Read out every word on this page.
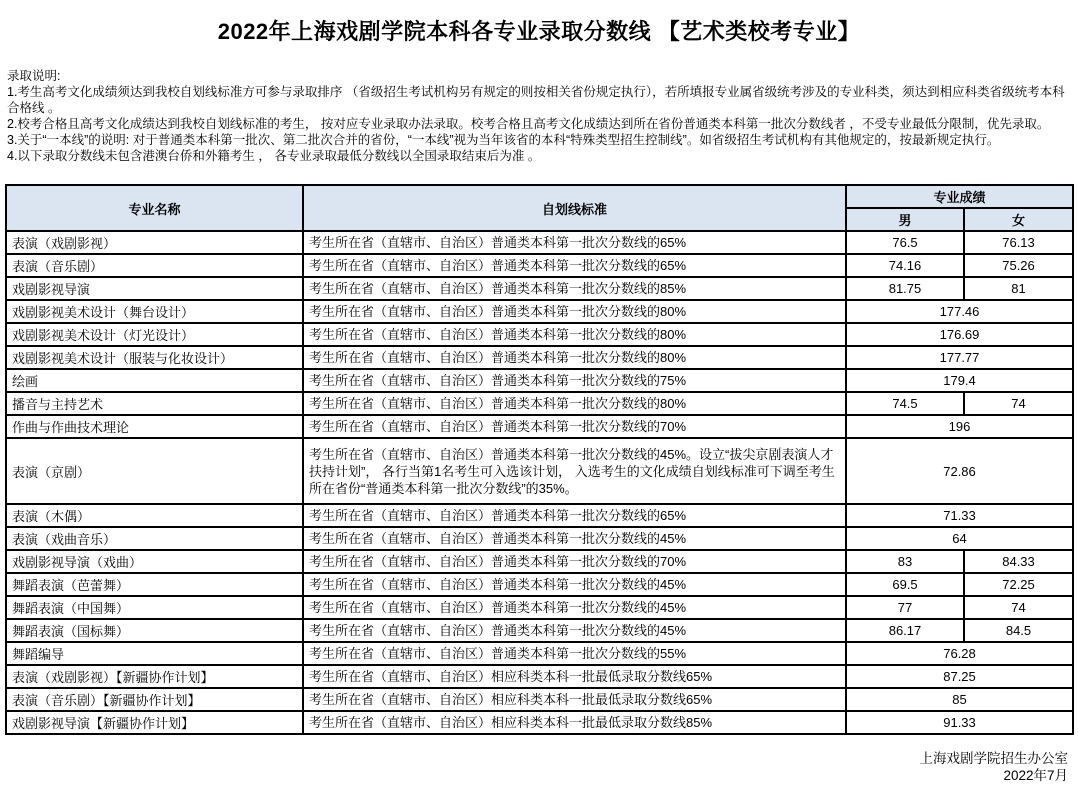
2022年上海戏剧学院本科各专业录取分数线 【艺术类校考专业】
录取说明:
1.考生高考文化成绩须达到我校自划线标准方可参与录取排序 （省级招生考试机构另有规定的则按相关省份规定执行），若所填报专业属省级统考涉及的专业科类，须达到相应科类省级统考本科合格线 。
2.校考合格且高考文化成绩达到我校自划线标准的考生， 按对应专业录取办法录取。校考合格且高考文化成绩达到所在省份普通类本科第一批次分数线者 ，不受专业最低分限制，优先录取。
3.关于“一本线”的说明: 对于普通类本科第一批次、第二批次合并的省份，“一本线”视为当年该省的本科“特殊类型招生控制线”。如省级招生考试机构有其他规定的，按最新规定执行。
4.以下录取分数线未包含港澳台侨和外籍考生 ， 各专业录取最低分数线以全国录取结束后为准 。
专业名称	自划线标准	专业成绩	
		男	女
表演（戏剧影视）	考生所在省（直辖市、自治区）普通类本科第一批次分数线的65%	76.5	76.13
表演（音乐剧）	考生所在省（直辖市、自治区）普通类本科第一批次分数线的65%	74.16	75.26
戏剧影视导演	考生所在省（直辖市、自治区）普通类本科第一批次分数线的85%	81.75	81
戏剧影视美术设计（舞台设计）	考生所在省（直辖市、自治区）普通类本科第一批次分数线的80%	177.46	
戏剧影视美术设计（灯光设计）	考生所在省（直辖市、自治区）普通类本科第一批次分数线的80%	176.69	
戏剧影视美术设计（服装与化妆设计）	考生所在省（直辖市、自治区）普通类本科第一批次分数线的80%	177.77	
绘画	考生所在省（直辖市、自治区）普通类本科第一批次分数线的75%	179.4	
播音与主持艺术	考生所在省（直辖市、自治区）普通类本科第一批次分数线的80%	74.5	74
作曲与作曲技术理论	考生所在省（直辖市、自治区）普通类本科第一批次分数线的70%	196	
表演（京剧）	考生所在省（直辖市、自治区）普通类本科第一批次分数线的45%。设立“拔尖京剧表演人才扶持计划”， 各行当第1名考生可入选该计划， 入选考生的文化成绩自划线标准可下调至考生所在省份“普通类本科第一批次分数线”的35%。	72.86	
表演（木偶）	考生所在省（直辖市、自治区）普通类本科第一批次分数线的65%	71.33	
表演（戏曲音乐）	考生所在省（直辖市、自治区）普通类本科第一批次分数线的45%	64	
戏剧影视导演（戏曲）	考生所在省（直辖市、自治区）普通类本科第一批次分数线的70%	83	84.33
舞蹈表演（芭蕾舞）	考生所在省（直辖市、自治区）普通类本科第一批次分数线的45%	69.5	72.25
舞蹈表演（中国舞）	考生所在省（直辖市、自治区）普通类本科第一批次分数线的45%	77	74
舞蹈表演（国标舞）	考生所在省（直辖市、自治区）普通类本科第一批次分数线的45%	86.17	84.5
舞蹈编导	考生所在省（直辖市、自治区）普通类本科第一批次分数线的55%	76.28	
表演（戏剧影视）【新疆协作计划】	考生所在省（直辖市、自治区）相应科类本科一批最低录取分数线65%	87.25	
表演（音乐剧）【新疆协作计划】	考生所在省（直辖市、自治区）相应科类本科一批最低录取分数线65%	85	
戏剧影视导演【新疆协作计划】	考生所在省（直辖市、自治区）相应科类本科一批最低录取分数线85%	91.33	
上海戏剧学院招生办公室
2022年7月
